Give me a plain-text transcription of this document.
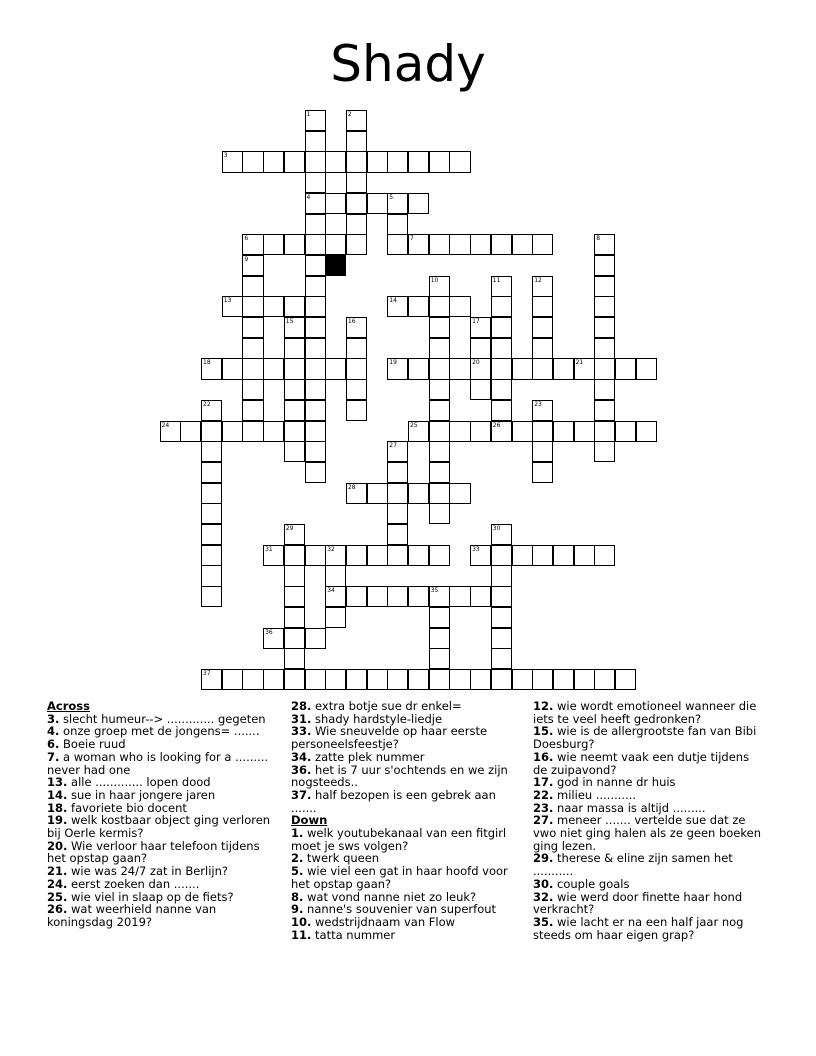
Shady
1
4
2
3
5
6	7	8
9
10	11	12
13	14
15	16	17
20
18	19	21
22	23
24	25	26
27
28
29	30
31	32
34
33
35
36
37

Across

3. slecht humeur--> ............. gegeten

4. onze groep met de jongens= .......

6. Boeie ruud

7. a woman who is looking for a ......... never had one

13. alle ............. lopen dood

14. sue in haar jongere jaren

18. favoriete bio docent

19. welk kostbaar object ging verloren bij Oerle kermis?

20. Wie verloor haar telefoon tijdens het opstap gaan?

21. wie was 24/7 zat in Berlijn?

24. eerst zoeken dan .......

25. wie viel in slaap op de fiets?

26. wat weerhield nanne van koningsdag 2019?

28. extra botje sue dr enkel=

31. shady hardstyle-liedje

33. Wie sneuvelde op haar eerste personeelsfeestje?

34. zatte plek nummer

36. het is 7 uur s'ochtends en we zijn nogsteeds..

37. half bezopen is een gebrek aan .......

Down

1. welk youtubekanaal van een fitgirl moet je sws volgen?

2. twerk queen

5. wie viel een gat in haar hoofd voor het opstap gaan?

8. wat vond nanne niet zo leuk?

9. nanne's souvenier van superfout

10. wedstrijdnaam van Flow

11. tatta nummer

12. wie wordt emotioneel wanneer die iets te veel heeft gedronken?

15. wie is de allergrootste fan van Bibi Doesburg?

16. wie neemt vaak een dutje tijdens de zuipavond?

17. god in nanne dr huis

22. milieu ...........

23. naar massa is altijd .........

27. meneer ....... vertelde sue dat ze vwo niet ging halen als ze geen boeken ging lezen.

29. therese & eline zijn samen het ...........

30. couple goals

32. wie werd door finette haar hond verkracht?

35. wie lacht er na een half jaar nog steeds om haar eigen grap?
